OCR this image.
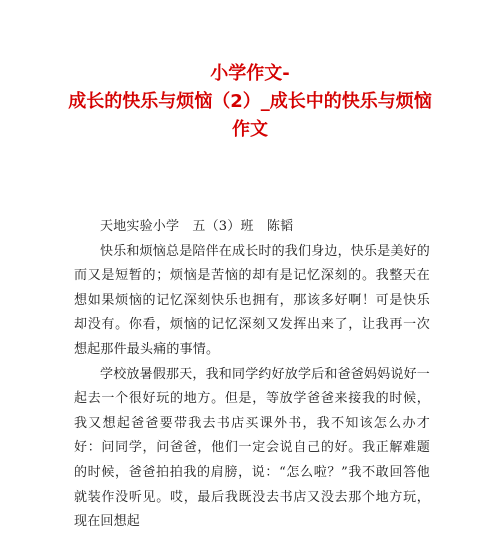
小学作文-
成长的快乐与烦恼（2）_成长中的快乐与烦恼
作文
天地实验小学　五（3）班　陈韬

快乐和烦恼总是陪伴在成长时的我们身边，快乐是美好的而又是短暂的；烦恼是苦恼的却有是记忆深刻的。我整天在想如果烦恼的记忆深刻快乐也拥有，那该多好啊！可是快乐却没有。你看，烦恼的记忆深刻又发挥出来了，让我再一次想起那件最头痛的事情。

学校放暑假那天，我和同学约好放学后和爸爸妈妈说好一起去一个很好玩的地方。但是，等放学爸爸来接我的时候，我又想起爸爸要带我去书店买课外书，我不知该怎么办才好：问同学，问爸爸，他们一定会说自己的好。我正解难题的时候，爸爸拍拍我的肩膀，说：“怎么啦？”我不敢回答他就装作没听见。哎，最后我既没去书店又没去那个地方玩，现在回想起
